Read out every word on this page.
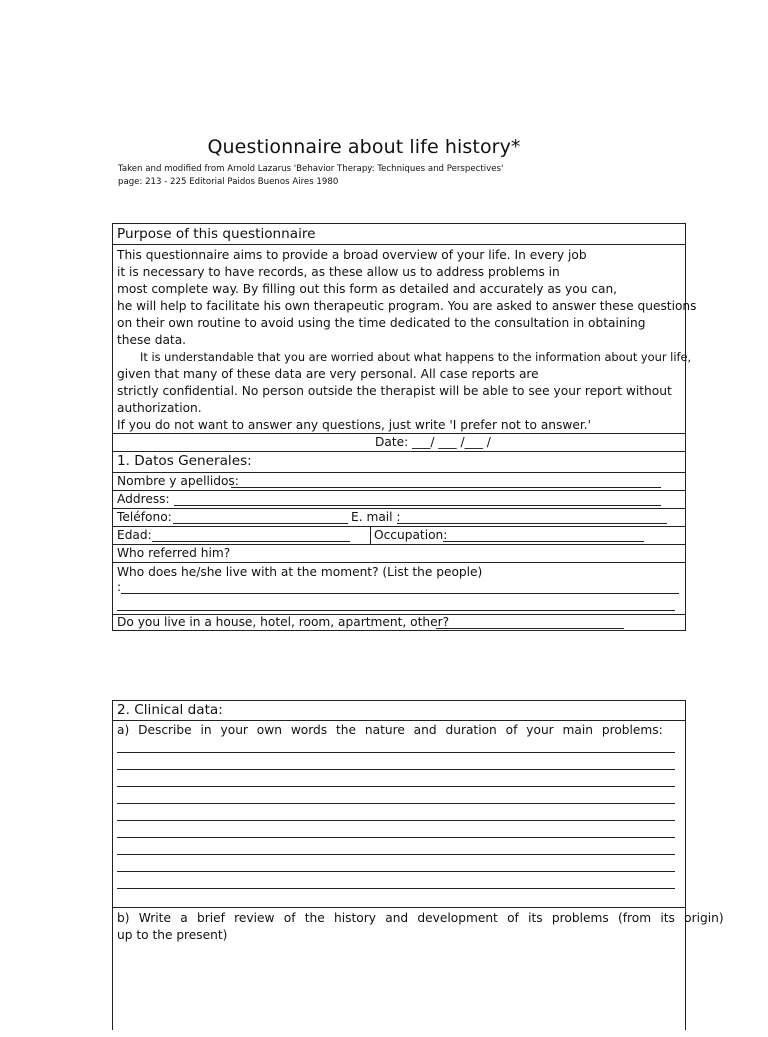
Questionnaire about life history*
Taken and modified from Arnold Lazarus 'Behavior Therapy: Techniques and Perspectives'
page: 213 - 225 Editorial Paidos Buenos Aires 1980
Purpose of this questionnaire
This questionnaire aims to provide a broad overview of your life. In every job
it is necessary to have records, as these allow us to address problems in
most complete way. By filling out this form as detailed and accurately as you can,
he will help to facilitate his own therapeutic program. You are asked to answer these questions
on their own routine to avoid using the time dedicated to the consultation in obtaining
these data.
It is understandable that you are worried about what happens to the information about your life,
given that many of these data are very personal. All case reports are
strictly confidential. No person outside the therapist will be able to see your report without
authorization.
If you do not want to answer any questions, just write 'I prefer not to answer.'
Date: ___/ ___ /___ /
1. Datos Generales:
Nombre y apellidos:
Address:
Teléfono:	E. mail :
Edad:	Occupation:
Who referred him?
Who does he/she live with at the moment? (List the people)
:
Do you live in a house, hotel, room, apartment, other?
2. Clinical data:
a) Describe in your own words the nature and duration of your main problems:
b) Write a brief review of the history and development of its problems (from its origin)
up to the present)
